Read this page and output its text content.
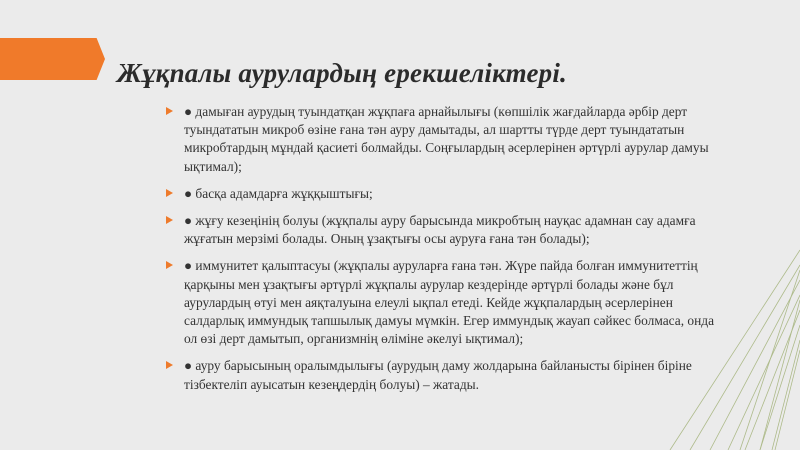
Жұқпалы аурулардың ерекшеліктері.
● дамыған аурудың туындатқан жұқпаға арнайылығы (көпшілік жағдайларда әрбір дерт туындататын микроб өзіне ғана тән ауру дамытады, ал шартты түрде дерт туындататын микробтардың мұндай қасиеті болмайды. Соңғылардың әсерлерінен әртүрлі аурулар дамуы ықтимал);
● басқа адамдарға жұққыштығы;
● жұғу кезеңінің болуы (жұқпалы ауру барысында микробтың науқас адамнан сау адамға жұғатын мерзімі болады. Оның ұзақтығы осы ауруға ғана тән болады);
● иммунитет қалыптасуы (жұқпалы ауруларға ғана тән. Жүре пайда болған иммунитеттің қарқыны мен ұзақтығы әртүрлі жұқпалы аурулар кездерінде әртүрлі болады және бұл аурулардың өтуі мен аяқталуына елеулі ықпал етеді. Кейде жұқпалардың әсерлерінен салдарлық иммундық тапшылық дамуы мүмкін. Егер иммундық жауап сәйкес болмаса, онда ол өзі дерт дамытып, организмнің өліміне әкелуі ықтимал);
● ауру барысының оралымдылығы (аурудың даму жолдарына байланысты бірінен біріне тізбектеліп ауысатын кезеңдердің болуы) – жатады.
